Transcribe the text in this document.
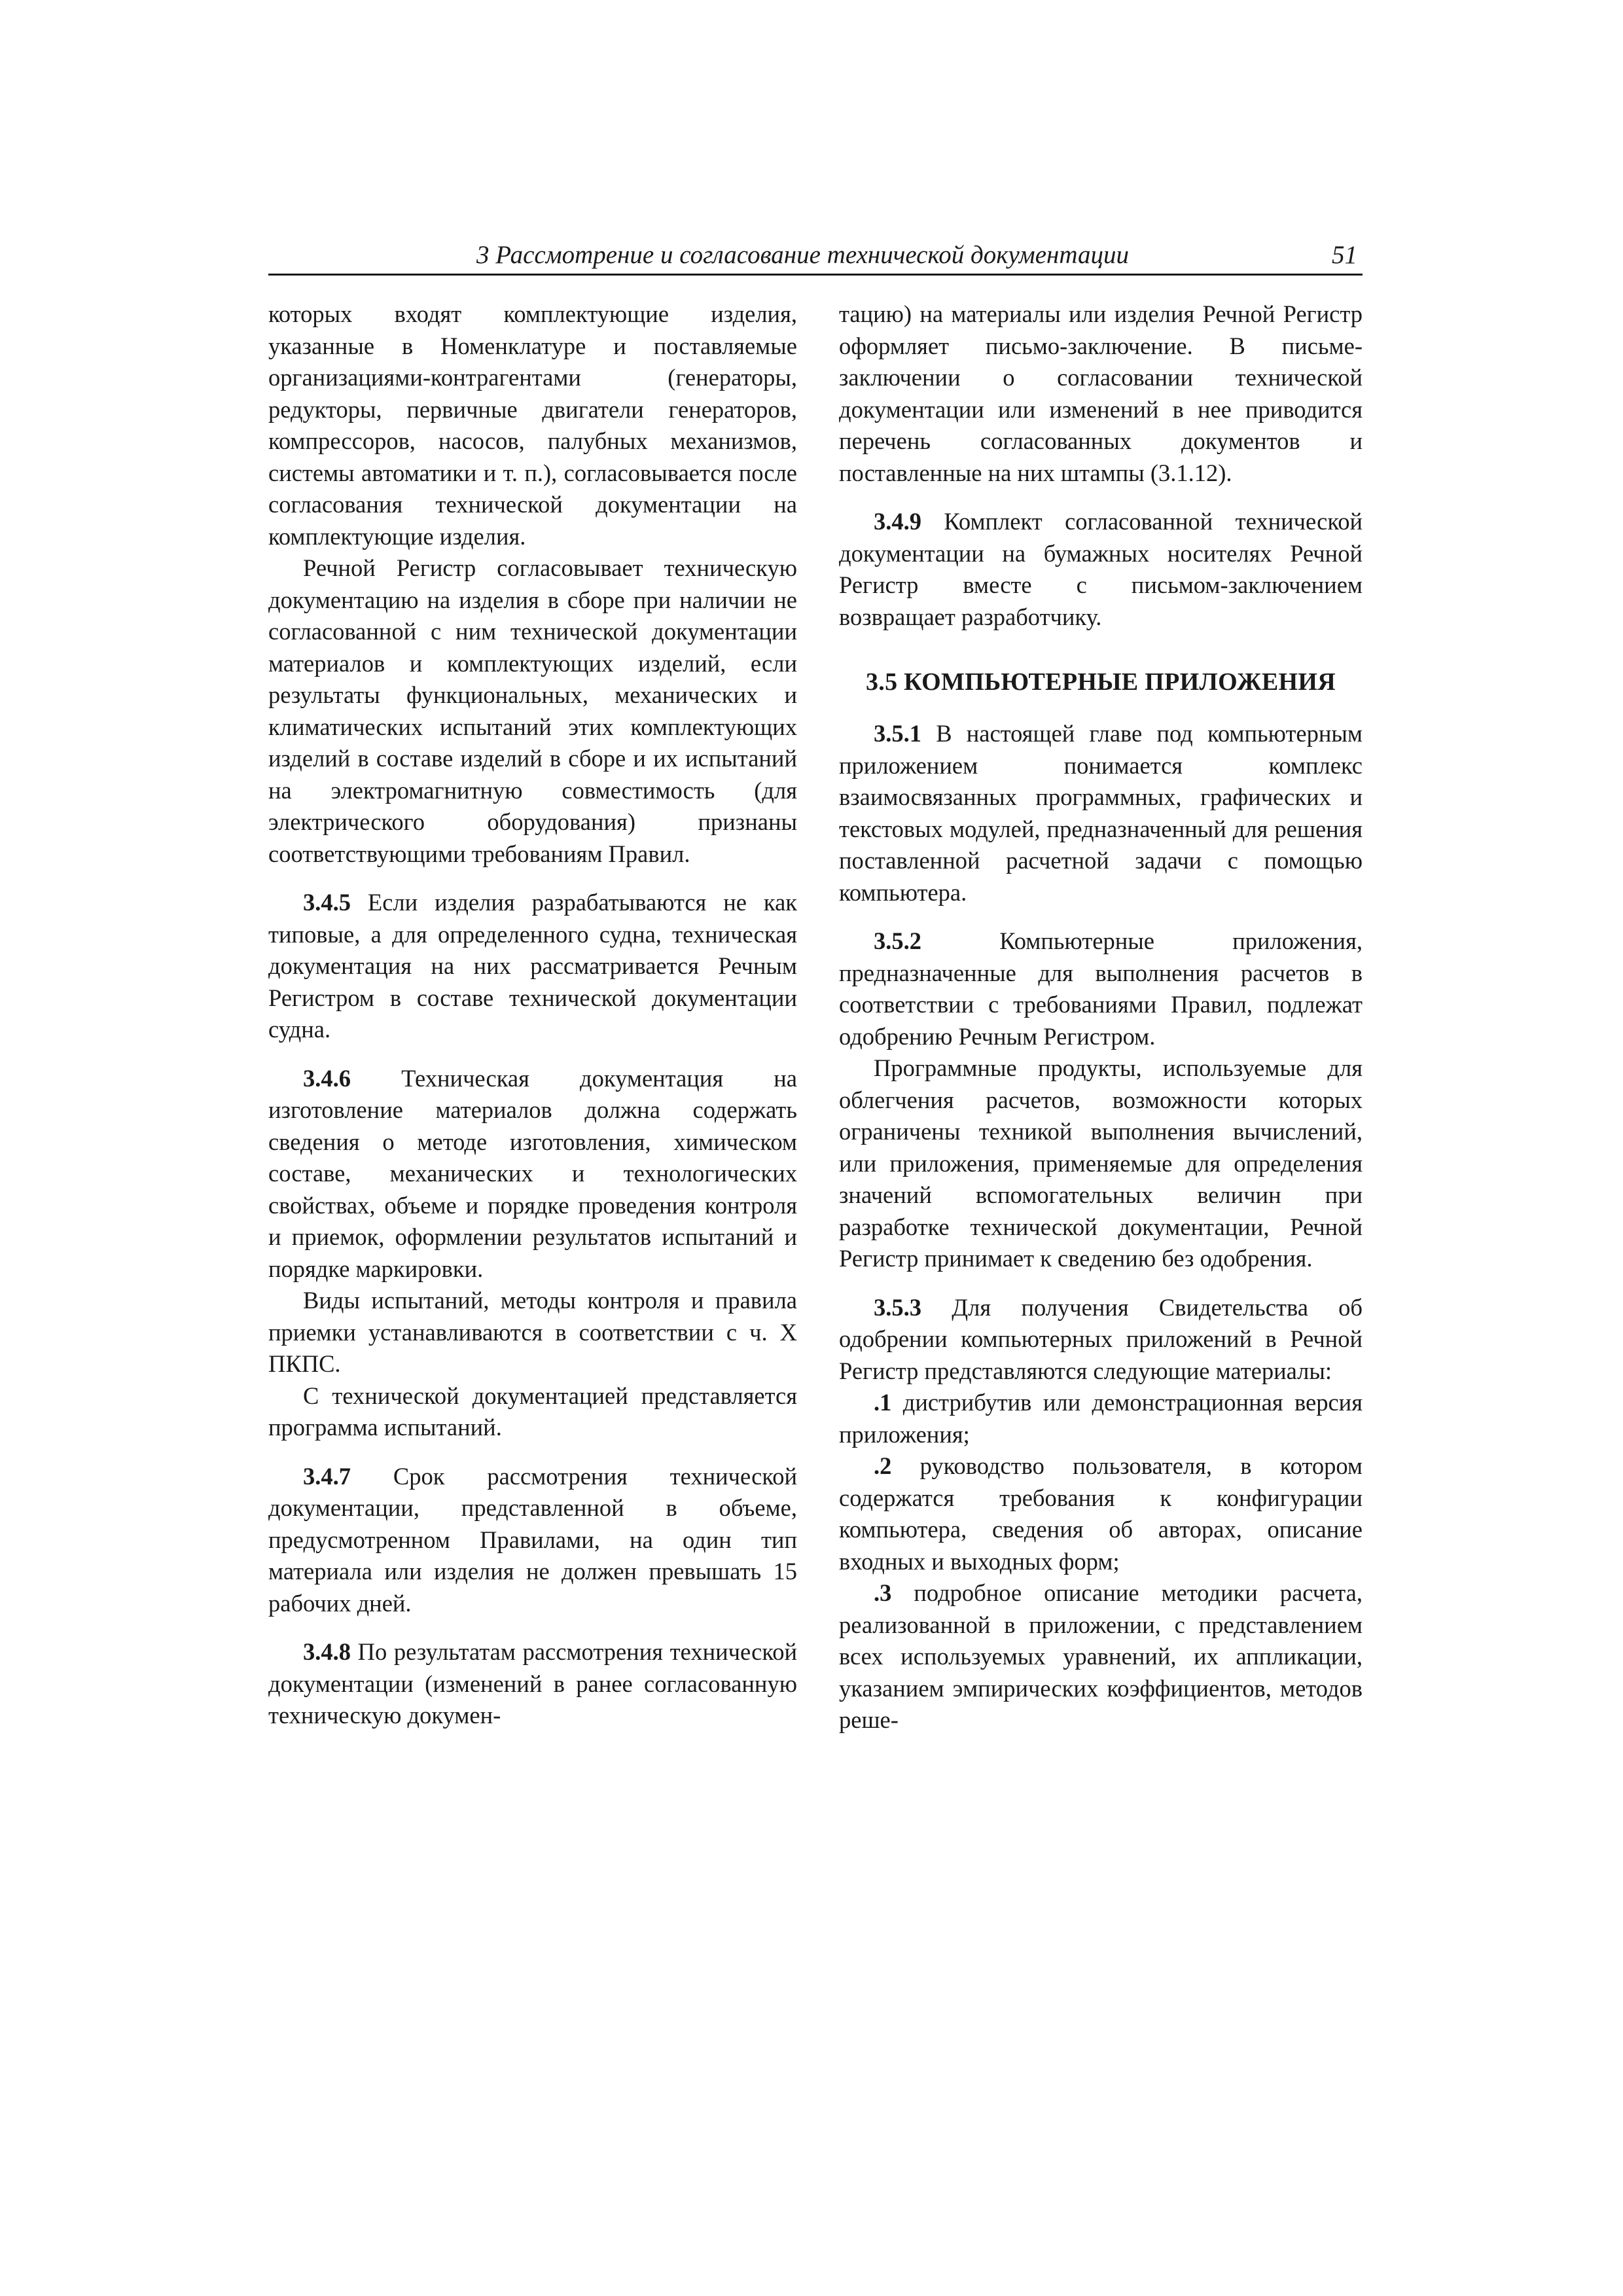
3 Рассмотрение и согласование технической документации	51

которых входят комплектующие изделия, указанные в Номенклатуре и поставляемые организациями-контрагентами (генераторы, редукторы, первичные двигатели генераторов, компрессоров, насосов, палубных механизмов, системы автоматики и т. п.), согласовывается после согласования технической документации на комплектующие изделия.

Речной Регистр согласовывает техническую документацию на изделия в сборе при наличии не согласованной с ним технической документации материалов и комплектующих изделий, если результаты функциональных, механических и климатических испытаний этих комплектующих изделий в составе изделий в сборе и их испытаний на электромагнитную совместимость (для электрического оборудования) признаны соответствующими требованиям Правил.

3.4.5 Если изделия разрабатываются не как типовые, а для определенного судна, техническая документация на них рассматривается Речным Регистром в составе технической документации судна.

3.4.6 Техническая документация на изготовление материалов должна содержать сведения о методе изготовления, химическом составе, механических и технологических свойствах, объеме и порядке проведения контроля и приемок, оформлении результатов испытаний и порядке маркировки.

Виды испытаний, методы контроля и правила приемки устанавливаются в соответствии с ч. X ПКПС.

С технической документацией представляется программа испытаний.

3.4.7 Срок рассмотрения технической документации, представленной в объеме, предусмотренном Правилами, на один тип материала или изделия не должен превышать 15 рабочих дней.

3.4.8 По результатам рассмотрения технической документации (изменений в ранее согласованную техническую докумен-

тацию) на материалы или изделия Речной Регистр оформляет письмо-заключение. В письме-заключении о согласовании технической документации или изменений в нее приводится перечень согласованных документов и поставленные на них штампы (3.1.12).

3.4.9 Комплект согласованной технической документации на бумажных носителях Речной Регистр вместе с письмом-заключением возвращает разработчику.

3.5 КОМПЬЮТЕРНЫЕ ПРИЛОЖЕНИЯ

3.5.1 В настоящей главе под компьютерным приложением понимается комплекс взаимосвязанных программных, графических и текстовых модулей, предназначенный для решения поставленной расчетной задачи с помощью компьютера.

3.5.2 Компьютерные приложения, предназначенные для выполнения расчетов в соответствии с требованиями Правил, подлежат одобрению Речным Регистром.

Программные продукты, используемые для облегчения расчетов, возможности которых ограничены техникой выполнения вычислений, или приложения, применяемые для определения значений вспомогательных величин при разработке технической документации, Речной Регистр принимает к сведению без одобрения.

3.5.3 Для получения Свидетельства об одобрении компьютерных приложений в Речной Регистр представляются следующие материалы:

.1 дистрибутив или демонстрационная версия приложения;

.2 руководство пользователя, в котором содержатся требования к конфигурации компьютера, сведения об авторах, описание входных и выходных форм;

.3 подробное описание методики расчета, реализованной в приложении, с представлением всех используемых уравнений, их аппликации, указанием эмпирических коэффициентов, методов реше-
